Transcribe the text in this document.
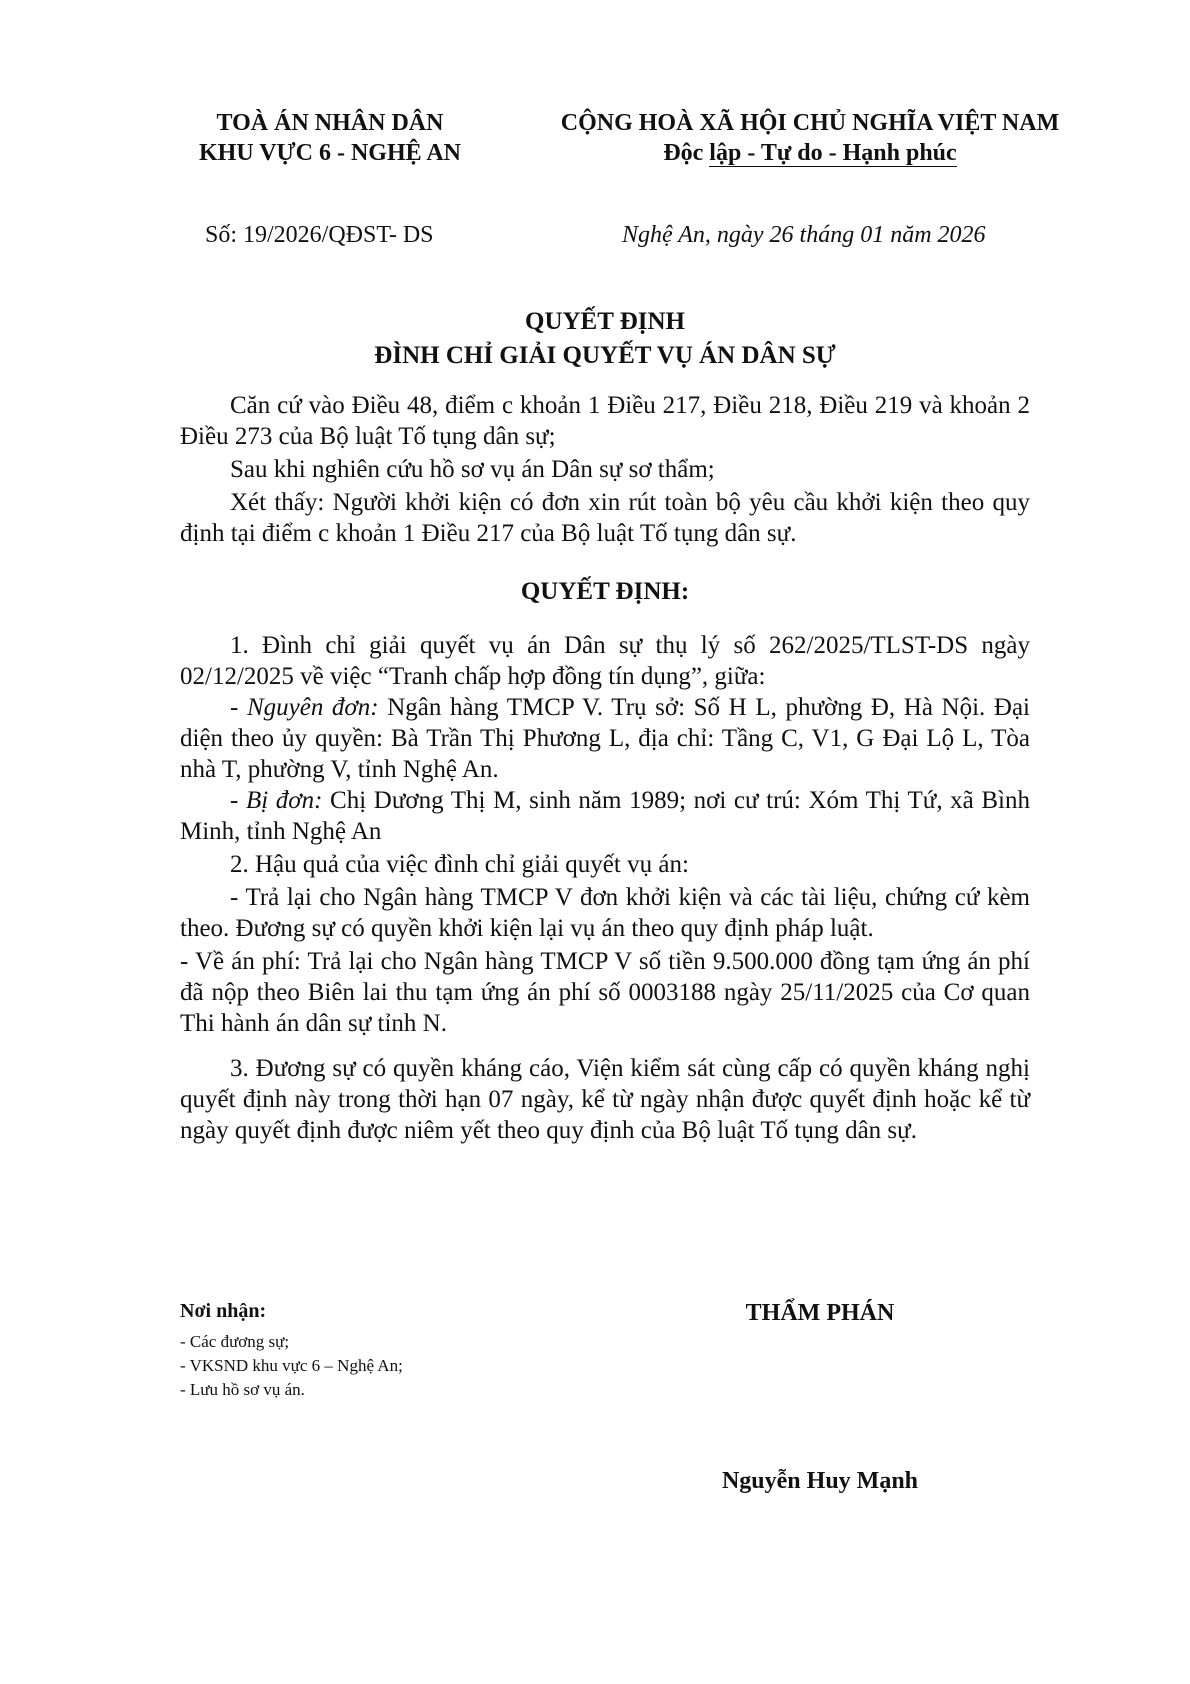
TOÀ ÁN NHÂN DÂN
KHU VỰC 6 - NGHỆ AN
CỘNG HOÀ XÃ HỘI CHỦ NGHĨA VIỆT NAM
Độc lập - Tự do - Hạnh phúc
Số: 19/2026/QĐST- DS	Nghệ An, ngày 26 tháng 01 năm 2026
QUYẾT ĐỊNH
ĐÌNH CHỈ GIẢI QUYẾT VỤ ÁN DÂN SỰ

Căn cứ vào Điều 48, điểm c khoản 1 Điều 217, Điều 218, Điều 219 và khoản 2 Điều 273 của Bộ luật Tố tụng dân sự;

Sau khi nghiên cứu hồ sơ vụ án Dân sự sơ thẩm;

Xét thấy: Người khởi kiện có đơn xin rút toàn bộ yêu cầu khởi kiện theo quy định tại điểm c khoản 1 Điều 217 của Bộ luật Tố tụng dân sự.

QUYẾT ĐỊNH:

1. Đình chỉ giải quyết vụ án Dân sự thụ lý số 262/2025/TLST-DS ngày 02/12/2025 về việc “Tranh chấp hợp đồng tín dụng”, giữa:

- Nguyên đơn: Ngân hàng TMCP V. Trụ sở: Số H L, phường Đ, Hà Nội. Đại diện theo ủy quyền: Bà Trần Thị Phương L, địa chỉ: Tầng C, V1, G Đại Lộ L, Tòa nhà T, phường V, tỉnh Nghệ An.

- Bị đơn: Chị Dương Thị M, sinh năm 1989; nơi cư trú: Xóm Thị Tứ, xã Bình Minh, tỉnh Nghệ An

2. Hậu quả của việc đình chỉ giải quyết vụ án:

- Trả lại cho Ngân hàng TMCP V đơn khởi kiện và các tài liệu, chứng cứ kèm theo. Đương sự có quyền khởi kiện lại vụ án theo quy định pháp luật.

- Về án phí: Trả lại cho Ngân hàng TMCP V số tiền 9.500.000 đồng tạm ứng án phí đã nộp theo Biên lai thu tạm ứng án phí số 0003188 ngày 25/11/2025 của Cơ quan Thi hành án dân sự tỉnh N.

3. Đương sự có quyền kháng cáo, Viện kiểm sát cùng cấp có quyền kháng nghị quyết định này trong thời hạn 07 ngày, kể từ ngày nhận được quyết định hoặc kể từ ngày quyết định được niêm yết theo quy định của Bộ luật Tố tụng dân sự.

Nơi nhận:
- Các đương sự;
- VKSND khu vực 6 – Nghệ An;
- Lưu hồ sơ vụ án.
THẨM PHÁN
Nguyễn Huy Mạnh
